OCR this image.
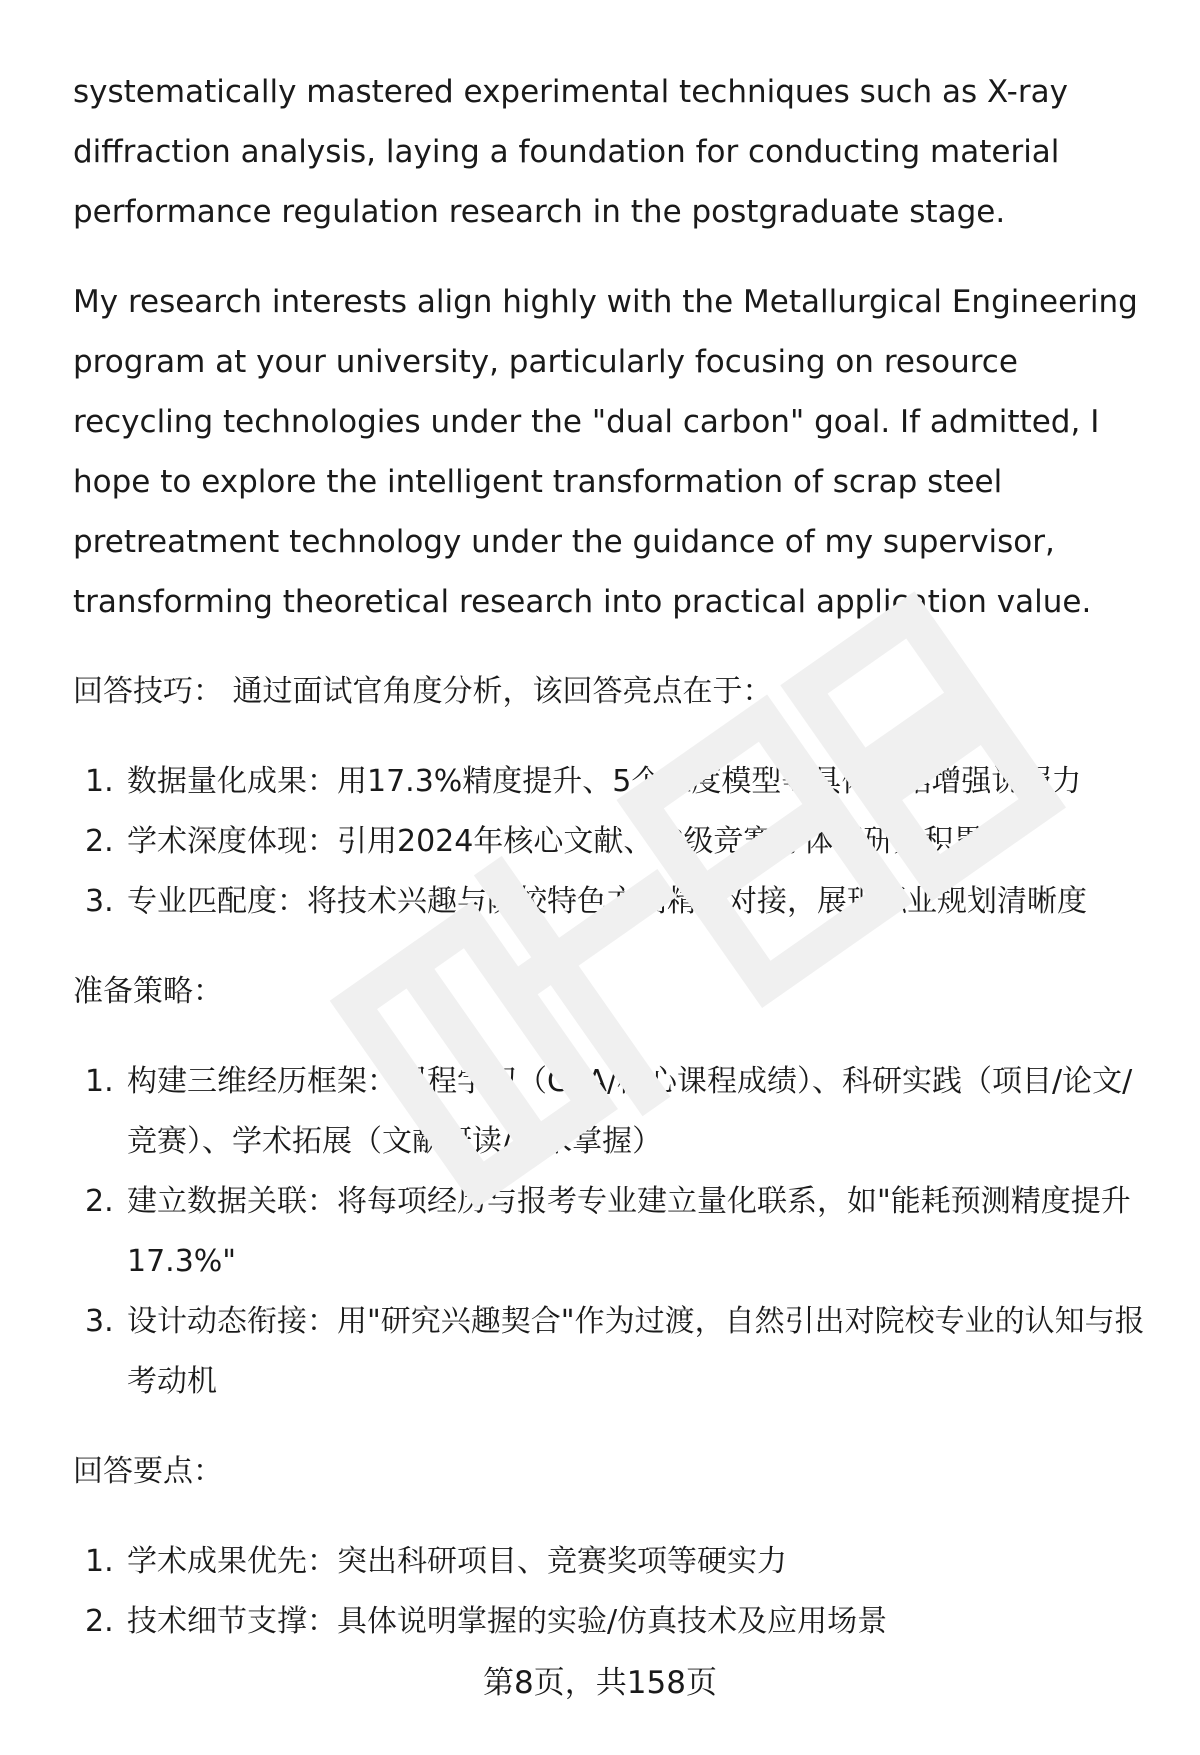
systematically mastered experimental techniques such as X-ray diffraction analysis, laying a foundation for conducting material performance regulation research in the postgraduate stage.

My research interests align highly with the Metallurgical Engineering program at your university, particularly focusing on resource recycling technologies under the "dual carbon" goal. If admitted, I hope to explore the intelligent transformation of scrap steel pretreatment technology under the guidance of my supervisor, transforming theoretical research into practical application value.

回答技巧： 通过面试官角度分析，该回答亮点在于：
1. 数据量化成果：用17.3%精度提升、5个维度模型等具体数据增强说服力
2. 学术深度体现：引用2024年核心文献、省级竞赛等体现研究积累
3. 专业匹配度：将技术兴趣与院校特色方向精准对接，展现职业规划清晰度
准备策略：
1. 构建三维经历框架：课程学习（GPA/核心课程成绩）、科研实践（项目/论文/竞赛）、学术拓展（文献研读/技术掌握）
2. 建立数据关联：将每项经历与报考专业建立量化联系，如"能耗预测精度提升17.3%"
3. 设计动态衔接：用"研究兴趣契合"作为过渡，自然引出对院校专业的认知与报考动机
回答要点：
1. 学术成果优先：突出科研项目、竞赛奖项等硬实力
2. 技术细节支撑：具体说明掌握的实验/仿真技术及应用场景
第8页，共158页
